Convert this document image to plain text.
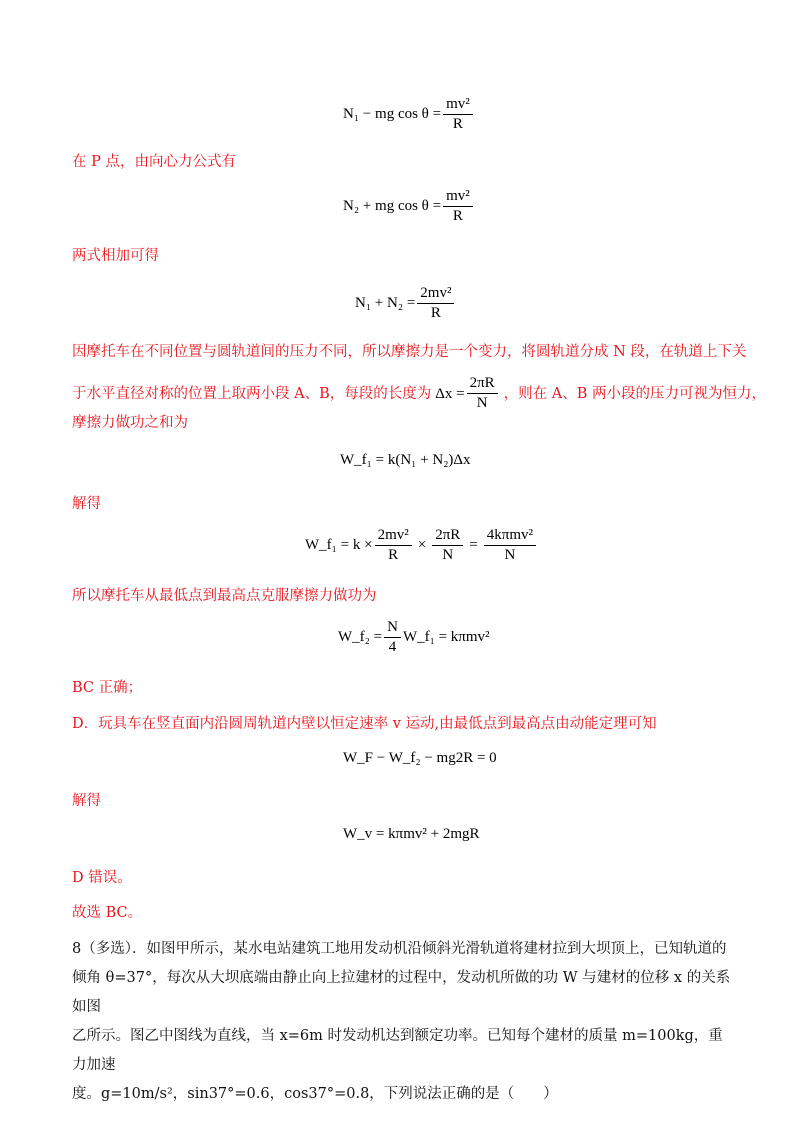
N₁ − mg $\cos \theta = \frac{\text{mv²}}{R}$
在 P 点，由向心力公式有
N₂ + mg $\cos \theta = \frac{\text{mv²}}{R}$
两式相加可得
$N_1 + N_2 = \frac{\text{2mv²}}{R}$
因摩托车在不同位置与圆轨道间的压力不同，所以摩擦力是一个变力，将圆轨道分成 N 段，在轨道上下关
于水平直径对称的位置上取两小段 A、B，每段的长度为 $\Delta x = \frac{2\pi R}{N}$ ，则在 A、B 两小段的压力可视为恒力，
摩擦力做功之和为
W_f₁ = k(N₁ + N₂)Δx
解得
W_f₁ = $k \times \frac{\text{2mv²}}{R} \times \frac{2\pi R}{N} = \frac{\text{4kπmv²}}{N}$
所以摩托车从最低点到最高点克服摩擦力做功为
W_f₂ = $\frac{N}{4}$ W_f₁ = kπmv²
BC 正确；
D．玩具车在竖直面内沿圆周轨道内壁以恒定速率 v 运动,由最低点到最高点由动能定理可知
W_F − W_f₂ − mg2R = 0
解得
W_v = kπmv² + 2mgR
D 错误。
故选 BC。
8（多选）．如图甲所示，某水电站建筑工地用发动机沿倾斜光滑轨道将建材拉到大坝顶上，已知轨道的
倾角 θ=37°，每次从大坝底端由静止向上拉建材的过程中，发动机所做的功 W 与建材的位移 x 的关系如图
乙所示。图乙中图线为直线，当 x=6m 时发动机达到额定功率。已知每个建材的质量 m=100kg，重力加速
度。g=10m/s²，sin37°=0.6，cos37°=0.8，下列说法正确的是（　　）
